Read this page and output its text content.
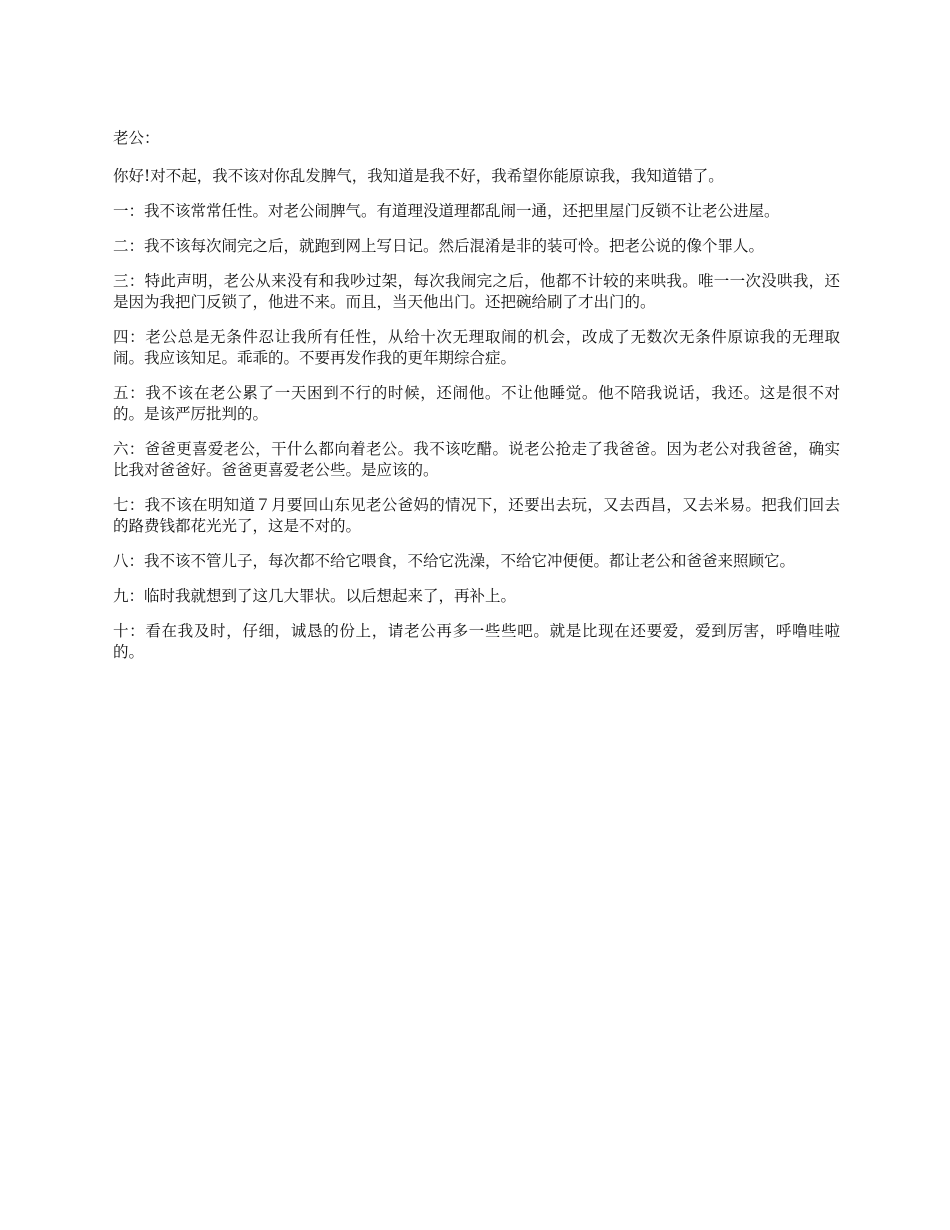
老公：

你好!对不起，我不该对你乱发脾气，我知道是我不好，我希望你能原谅我，我知道错了。

一：我不该常常任性。对老公闹脾气。有道理没道理都乱闹一通，还把里屋门反锁不让老公进屋。

二：我不该每次闹完之后，就跑到网上写日记。然后混淆是非的装可怜。把老公说的像个罪人。

三：特此声明，老公从来没有和我吵过架，每次我闹完之后，他都不计较的来哄我。唯一一次没哄我，还是因为我把门反锁了，他进不来。而且，当天他出门。还把碗给刷了才出门的。

四：老公总是无条件忍让我所有任性，从给十次无理取闹的机会，改成了无数次无条件原谅我的无理取闹。我应该知足。乖乖的。不要再发作我的更年期综合症。

五：我不该在老公累了一天困到不行的时候，还闹他。不让他睡觉。他不陪我说话，我还。这是很不对的。是该严厉批判的。

六：爸爸更喜爱老公，干什么都向着老公。我不该吃醋。说老公抢走了我爸爸。因为老公对我爸爸，确实比我对爸爸好。爸爸更喜爱老公些。是应该的。

七：我不该在明知道７月要回山东见老公爸妈的情况下，还要出去玩，又去西昌，又去米易。把我们回去的路费钱都花光光了，这是不对的。

八：我不该不管儿子，每次都不给它喂食，不给它洗澡，不给它冲便便。都让老公和爸爸来照顾它。

九：临时我就想到了这几大罪状。以后想起来了，再补上。

十：看在我及时，仔细，诚恳的份上，请老公再多一些些吧。就是比现在还要爱，爱到厉害，呼噜哇啦的。
